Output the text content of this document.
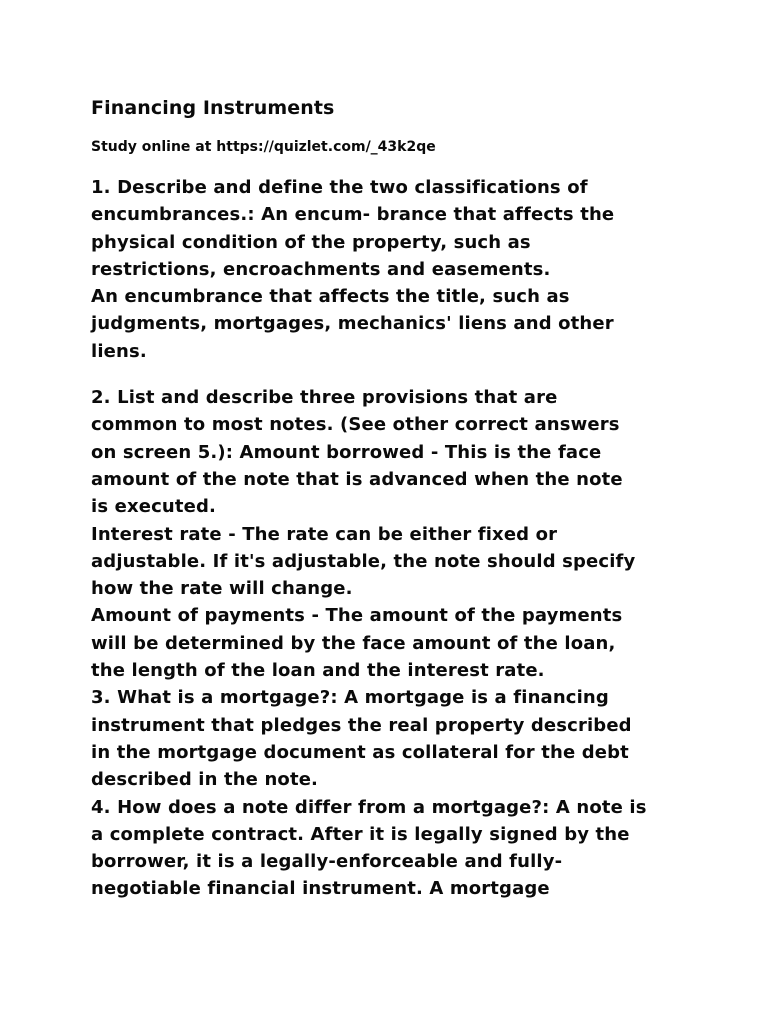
Financing Instruments

Study online at https://quizlet.com/_43k2qe

1. Describe and define the two classifications of

encumbrances.: An encum- brance that affects the

physical condition of the property, such as

restrictions, encroachments and easements.

An encumbrance that affects the title, such as

judgments, mortgages, mechanics' liens and other

liens.

2. List and describe three provisions that are

common to most notes. (See other correct answers

on screen 5.): Amount borrowed - This is the face

amount of the note that is advanced when the note

is executed.

Interest rate - The rate can be either fixed or

adjustable. If it's adjustable, the note should specify

how the rate will change.

Amount of payments - The amount of the payments

will be determined by the face amount of the loan,

the length of the loan and the interest rate.

3. What is a mortgage?: A mortgage is a financing

instrument that pledges the real property described

in the mortgage document as collateral for the debt

described in the note.

4. How does a note differ from a mortgage?: A note is

a complete contract. After it is legally signed by the

borrower, it is a legally-enforceable and fully-

negotiable financial instrument. A mortgage
